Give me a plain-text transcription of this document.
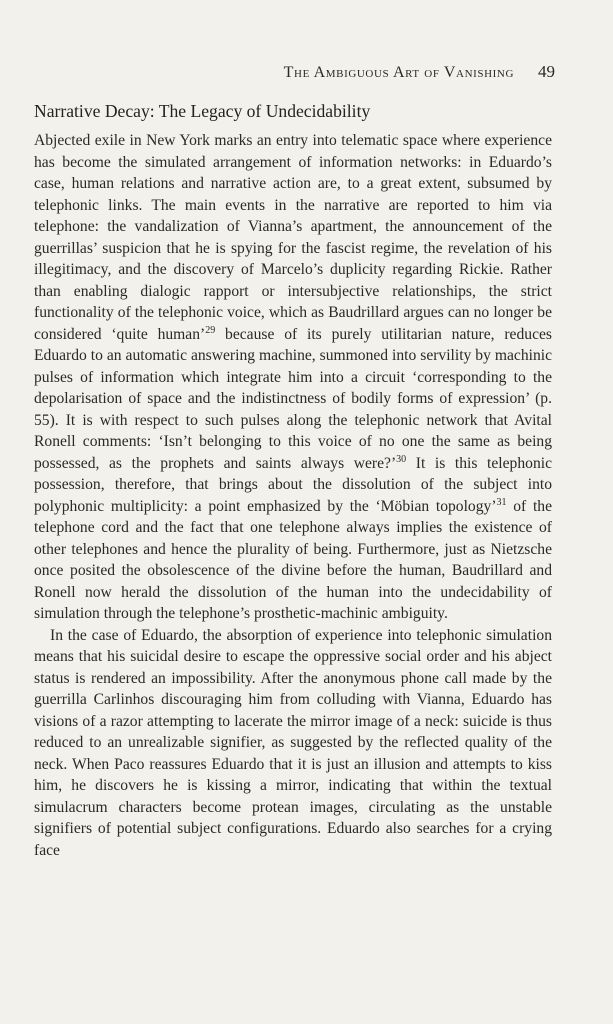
The Ambiguous Art of Vanishing 49
Narrative Decay: The Legacy of Undecidability

Abjected exile in New York marks an entry into telematic space where experience has become the simulated arrangement of information networks: in Eduardo’s case, human relations and narrative action are, to a great extent, subsumed by telephonic links. The main events in the narrative are reported to him via telephone: the vandalization of Vianna’s apartment, the announcement of the guerrillas’ suspicion that he is spying for the fascist regime, the revelation of his illegitimacy, and the discovery of Marcelo’s duplicity regarding Rickie. Rather than enabling dialogic rapport or intersubjective relationships, the strict functionality of the telephonic voice, which as Baudrillard argues can no longer be considered ‘quite human’$^{29}$ because of its purely utilitarian nature, reduces Eduardo to an automatic answering machine, summoned into servility by machinic pulses of information which integrate him into a circuit ‘corresponding to the depolarisation of space and the indistinctness of bodily forms of expression’ (p. 55). It is with respect to such pulses along the telephonic network that Avital Ronell comments: ‘Isn’t belonging to this voice of no one the same as being possessed, as the prophets and saints always were?’$^{30}$ It is this telephonic possession, therefore, that brings about the dissolution of the subject into polyphonic multiplicity: a point emphasized by the ‘Möbian topology’$^{31}$ of the telephone cord and the fact that one telephone always implies the existence of other telephones and hence the plurality of being. Furthermore, just as Nietzsche once posited the obsolescence of the divine before the human, Baudrillard and Ronell now herald the dissolution of the human into the undecidability of simulation through the telephone’s prosthetic-machinic ambiguity.

In the case of Eduardo, the absorption of experience into telephonic simulation means that his suicidal desire to escape the oppressive social order and his abject status is rendered an impossibility. After the anonymous phone call made by the guerrilla Carlinhos discouraging him from colluding with Vianna, Eduardo has visions of a razor attempting to lacerate the mirror image of a neck: suicide is thus reduced to an unrealizable signifier, as suggested by the reflected quality of the neck. When Paco reassures Eduardo that it is just an illusion and attempts to kiss him, he discovers he is kissing a mirror, indicating that within the textual simulacrum characters become protean images, circulating as the unstable signifiers of potential subject configurations. Eduardo also searches for a crying face
